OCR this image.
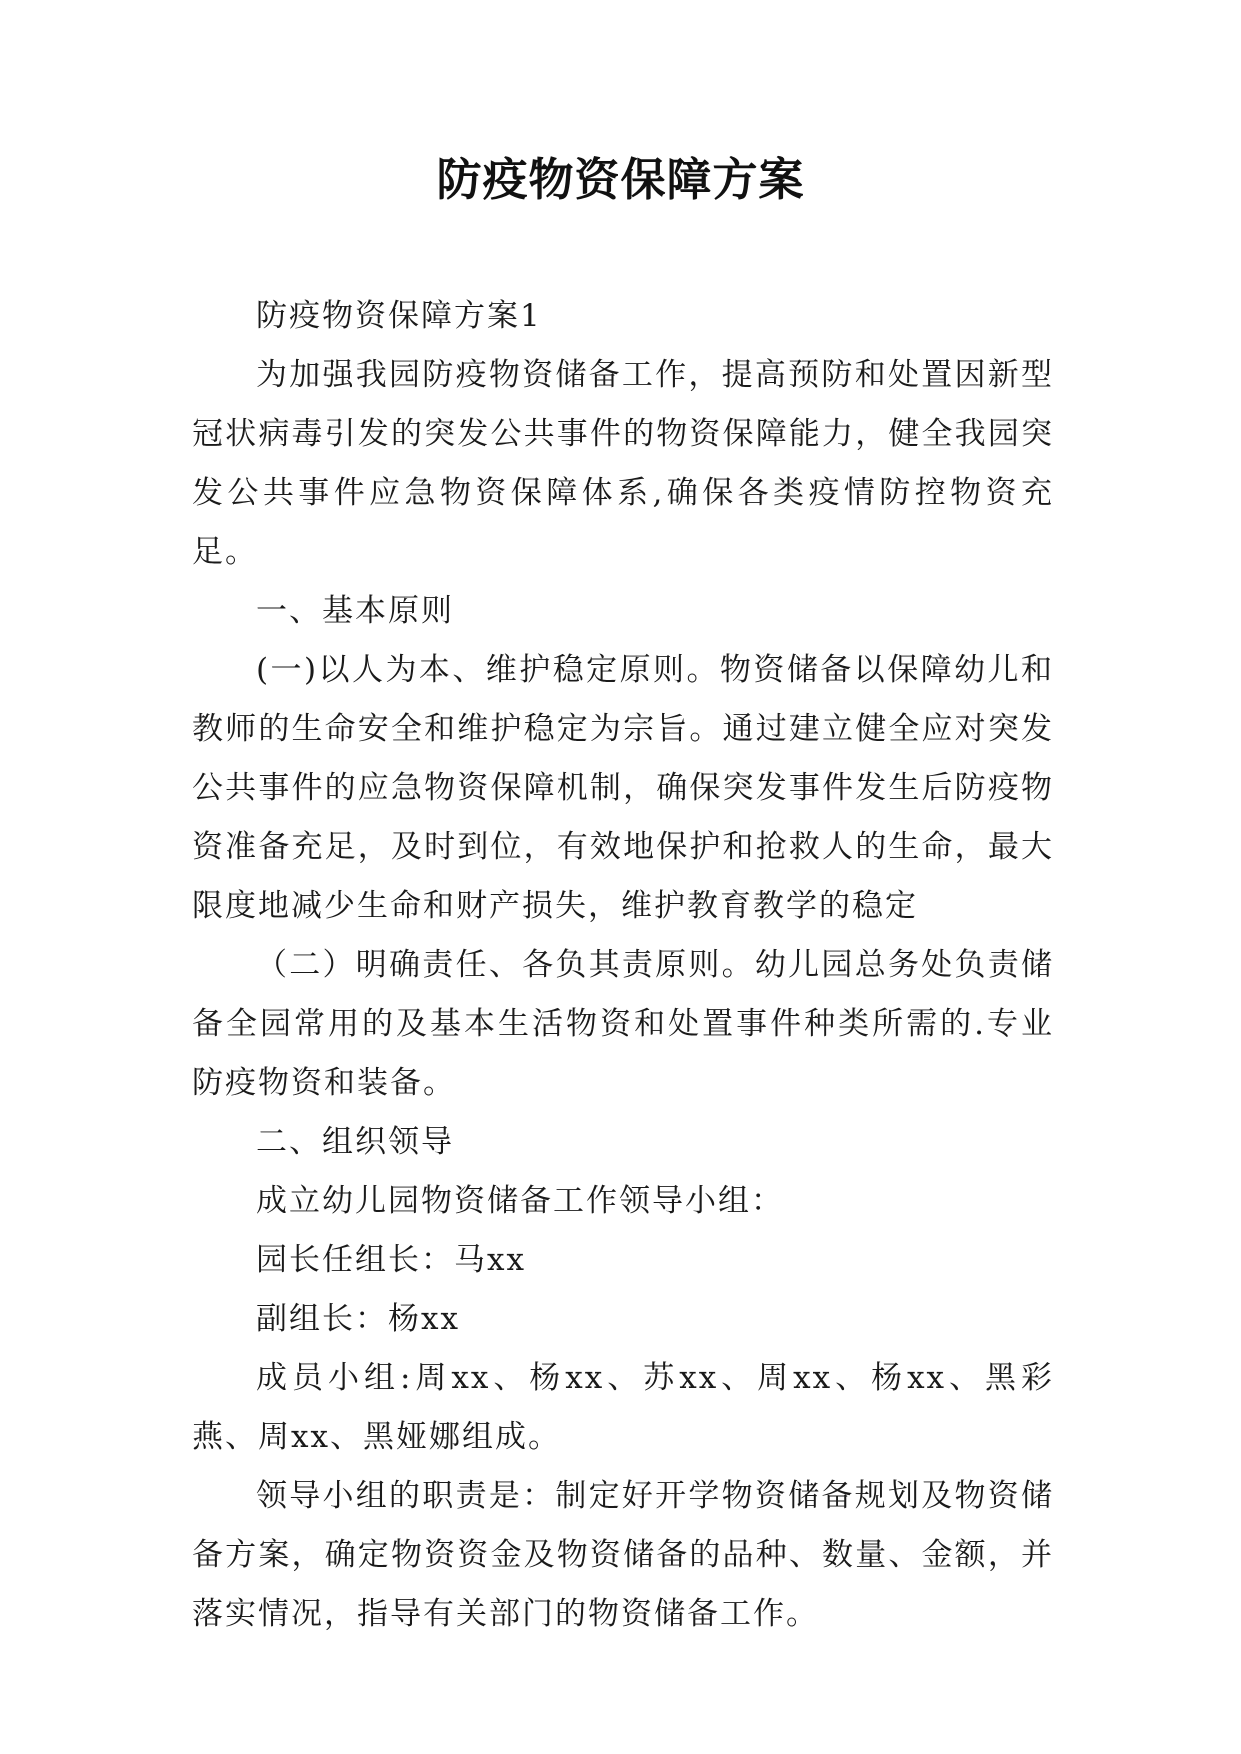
防疫物资保障方案

防疫物资保障方案1

为加强我园防疫物资储备工作，提高预防和处置因新型冠状病毒引发的突发公共事件的物资保障能力，健全我园突发公共事件应急物资保障体系,确保各类疫情防控物资充足。

一、基本原则

(一)以人为本、维护稳定原则。物资储备以保障幼儿和教师的生命安全和维护稳定为宗旨。通过建立健全应对突发公共事件的应急物资保障机制，确保突发事件发生后防疫物资准备充足，及时到位，有效地保护和抢救人的生命，最大限度地减少生命和财产损失，维护教育教学的稳定

（二）明确责任、各负其责原则。幼儿园总务处负责储备全园常用的及基本生活物资和处置事件种类所需的.专业防疫物资和装备。

二、组织领导

成立幼儿园物资储备工作领导小组：

园长任组长：马xx

副组长：杨xx

成员小组:周xx、杨xx、苏xx、周xx、杨xx、黑彩燕、周xx、黑娅娜组成。

领导小组的职责是：制定好开学物资储备规划及物资储备方案，确定物资资金及物资储备的品种、数量、金额，并落实情况，指导有关部门的物资储备工作。
